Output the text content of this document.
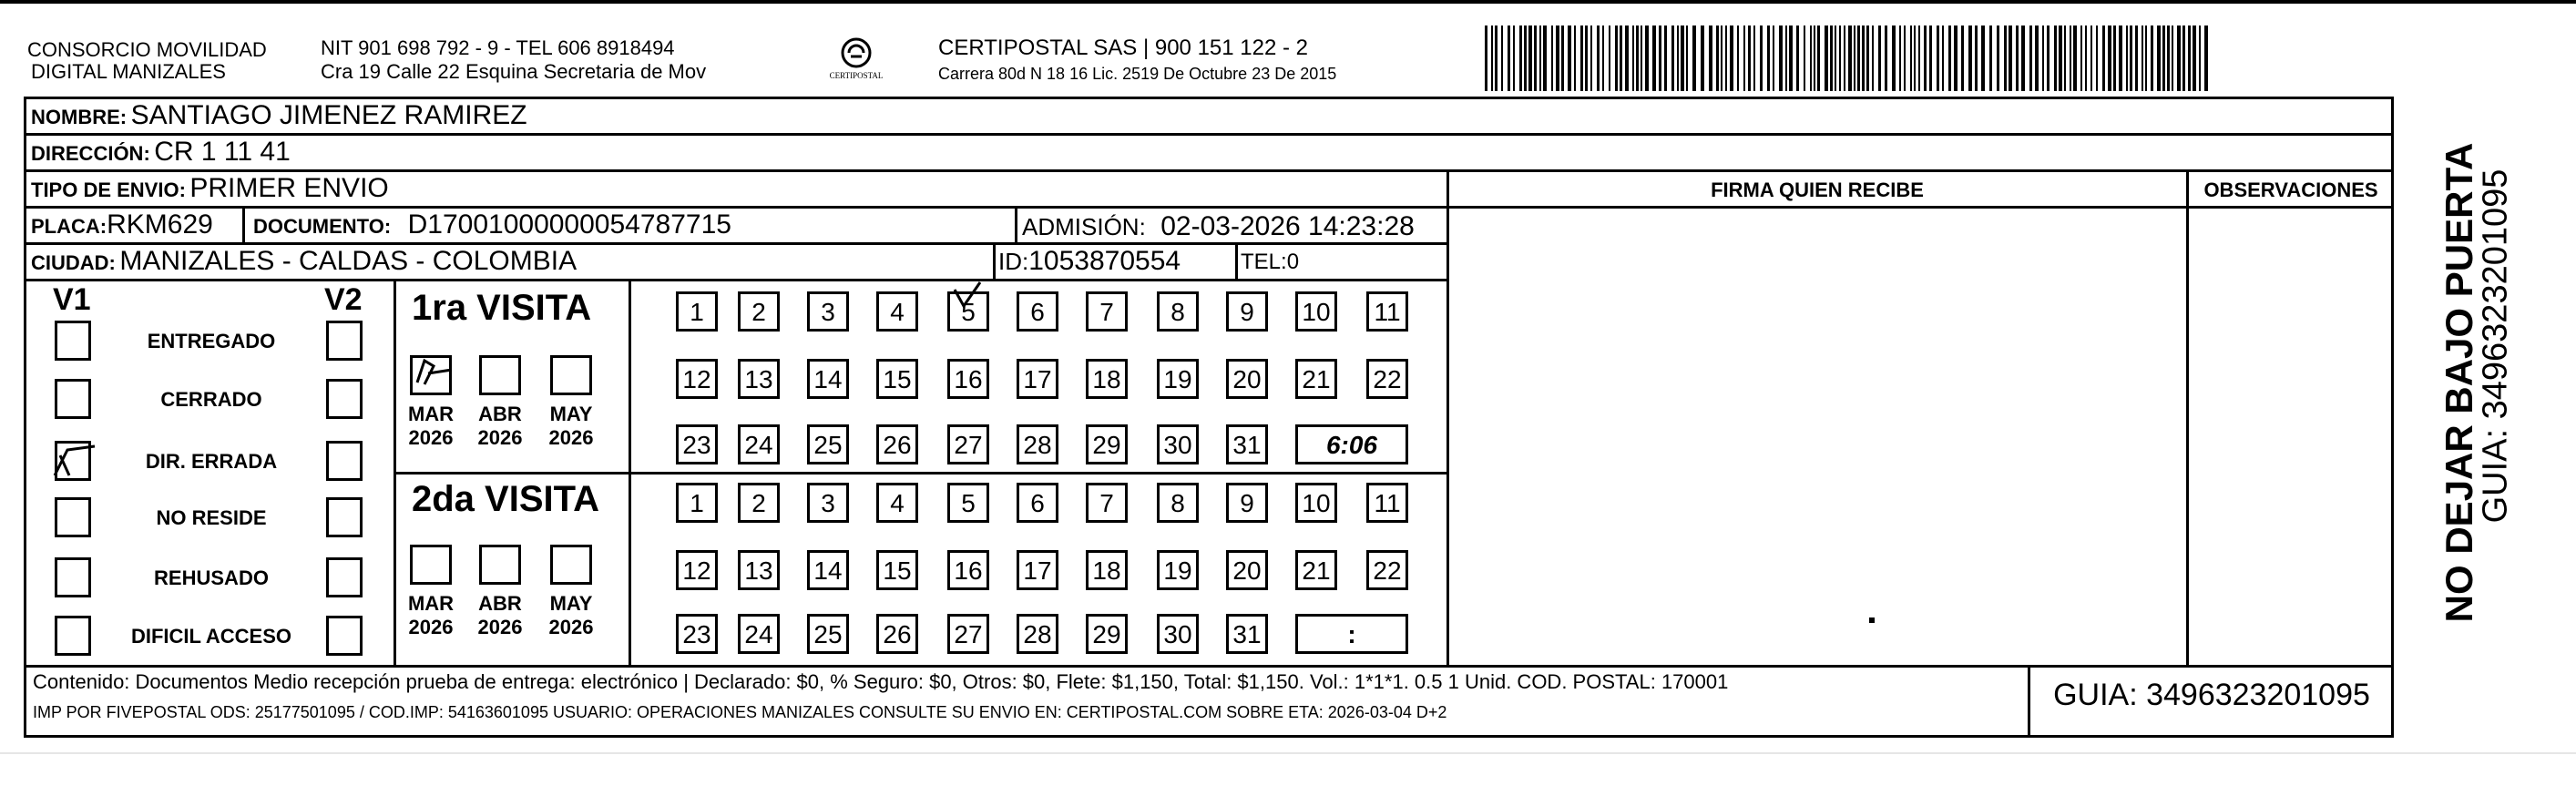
CONSORCIO MOVILIDAD
DIGITAL MANIZALES
NIT 901 698 792 - 9 - TEL 606 8918494
Cra 19 Calle 22 Esquina Secretaria de Mov	CERTIPOSTAL
CERTIPOSTAL SAS | 900 151 122 - 2
Carrera 80d N 18 16 Lic. 2519 De Octubre 23 De 2015
NOMBRE: SANTIAGO JIMENEZ RAMIREZ
DIRECCIÓN: CR 1 11 41
TIPO DE ENVIO: PRIMER ENVIO
PLACA:RKM629 DOCUMENTO: D17001000000054787715	ADMISIÓN: 02-03-2026 14:23:28
CIUDAD: MANIZALES - CALDAS - COLOMBIA	ID:1053870554	TEL:0
FIRMA QUIEN RECIBE	OBSERVACIONES
V1	V2
ENTREGADO
CERRADO
DIR. ERRADA
NO RESIDE
REHUSADO
DIFICIL ACCESO
1ra VISITA
2da VISITA
MAR
2026
ABR
2026
MAY
2026
MAR
2026
ABR
2026
MAY
2026
1	2	3	4	5	6	7	8	9	10	11
12 13 14 15 16 17 18 19 20 21 22
23 24 25 26 27 28 29 30 31	6:06
1	2	3	4	5	6	7	8	9	10	11
12 13 14 15 16 17 18 19 20 21 22
23 24 25 26 27 28 29 30 31	:
Contenido: Documentos Medio recepción prueba de entrega: electrónico | Declarado: $0, % Seguro: $0, Otros: $0, Flete: $1,150, Total: $1,150. Vol.: 1*1*1. 0.5 1 Unid. COD. POSTAL: 170001
IMP POR FIVEPOSTAL ODS: 25177501095 / COD.IMP: 54163601095 USUARIO: OPERACIONES MANIZALES CONSULTE SU ENVIO EN: CERTIPOSTAL.COM SOBRE ETA: 2026-03-04 D+2	GUIA: 3496323201095
NO DEJAR BAJO PUERTA
GUIA: 3496323201095
